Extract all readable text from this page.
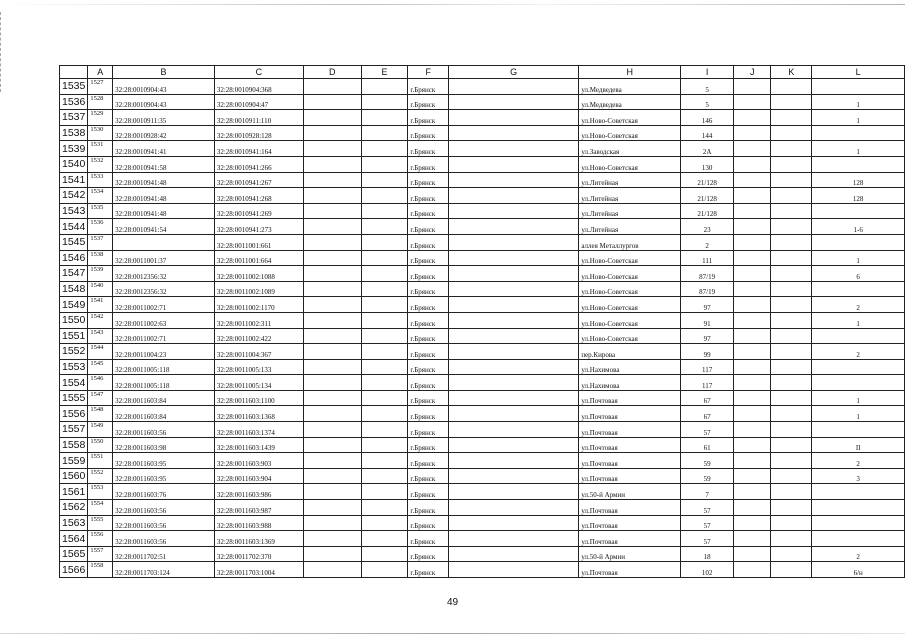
	A	B	C	D	E	F	G	H	I	J	K	L
1535	1527	32:28:0010904:43	32:28:0010904:368			г.Брянск		ул.Медведева	5			
1536	1528	32:28:0010904:43	32:28:0010904:47			г.Брянск		ул.Медведева	5			1
1537	1529	32:28:0010911:35	32:28:0010911:110			г.Брянск		ул.Ново-Советская	146			1
1538	1530	32:28:0010928:42	32:28:0010928:128			г.Брянск		ул.Ново-Советская	144			
1539	1531	32:28:0010941:41	32:28:0010941:164			г.Брянск		ул.Заводская	2А			1
1540	1532	32:28:0010941:58	32:28:0010941:266			г.Брянск		ул.Ново-Советская	130			
1541	1533	32:28:0010941:48	32:28:0010941:267			г.Брянск		ул.Литейная	21/128			128
1542	1534	32:28:0010941:48	32:28:0010941:268			г.Брянск		ул.Литейная	21/128			128
1543	1535	32:28:0010941:48	32:28:0010941:269			г.Брянск		ул.Литейная	21/128			
1544	1536	32:28:0010941:54	32:28:0010941:273			г.Брянск		ул.Литейная	23			1-6
1545	1537		32:28:0011001:661			г.Брянск		аллея Металлургов	2			
1546	1538	32:28:0011001:37	32:28:0011001:664			г.Брянск		ул.Ново-Советская	111			1
1547	1539	32:28:0012356:32	32:28:0011002:1088			г.Брянск		ул.Ново-Советская	87/19			6
1548	1540	32:28:0012356:32	32:28:0011002:1089			г.Брянск		ул.Ново-Советская	87/19			
1549	1541	32:28:0011002:71	32:28:0011002:1170			г.Брянск		ул.Ново-Советская	97			2
1550	1542	32:28:0011002:63	32:28:0011002:311			г.Брянск		ул.Ново-Советская	91			1
1551	1543	32:28:0011002:71	32:28:0011002:422			г.Брянск		ул.Ново-Советская	97			
1552	1544	32:28:0011004:23	32:28:0011004:367			г.Брянск		пер.Кирова	99			2
1553	1545	32:28:0011005:118	32:28:0011005:133			г.Брянск		ул.Нахимова	117			
1554	1546	32:28:0011005:118	32:28:0011005:134			г.Брянск		ул.Нахимова	117			
1555	1547	32:28:0011603:84	32:28:0011603:1100			г.Брянск		ул.Почтовая	67			1
1556	1548	32:28:0011603:84	32:28:0011603:1368			г.Брянск		ул.Почтовая	67			1
1557	1549	32:28:0011603:56	32:28:0011603:1374			г.Брянск		ул.Почтовая	57			
1558	1550	32:28:0011603:98	32:28:0011603:1439			г.Брянск		ул.Почтовая	61			II
1559	1551	32:28:0011603:95	32:28:0011603:903			г.Брянск		ул.Почтовая	59			2
1560	1552	32:28:0011603:95	32:28:0011603:904			г.Брянск		ул.Почтовая	59			3
1561	1553	32:28:0011603:76	32:28:0011603:986			г.Брянск		ул.50-й Армии	7			
1562	1554	32:28:0011603:56	32:28:0011603:987			г.Брянск		ул.Почтовая	57			
1563	1555	32:28:0011603:56	32:28:0011603:988			г.Брянск		ул.Почтовая	57			
1564	1556	32:28:0011603:56	32:28:0011603:1369			г.Брянск		ул.Почтовая	57			
1565	1557	32:28:0011702:51	32:28:0011702:370			г.Брянск		ул.50-й Армии	18			2
1566	1558	32:28:0011703:124	32:28:0011703:1004			г.Брянск		ул.Почтовая	102			6/н
49
